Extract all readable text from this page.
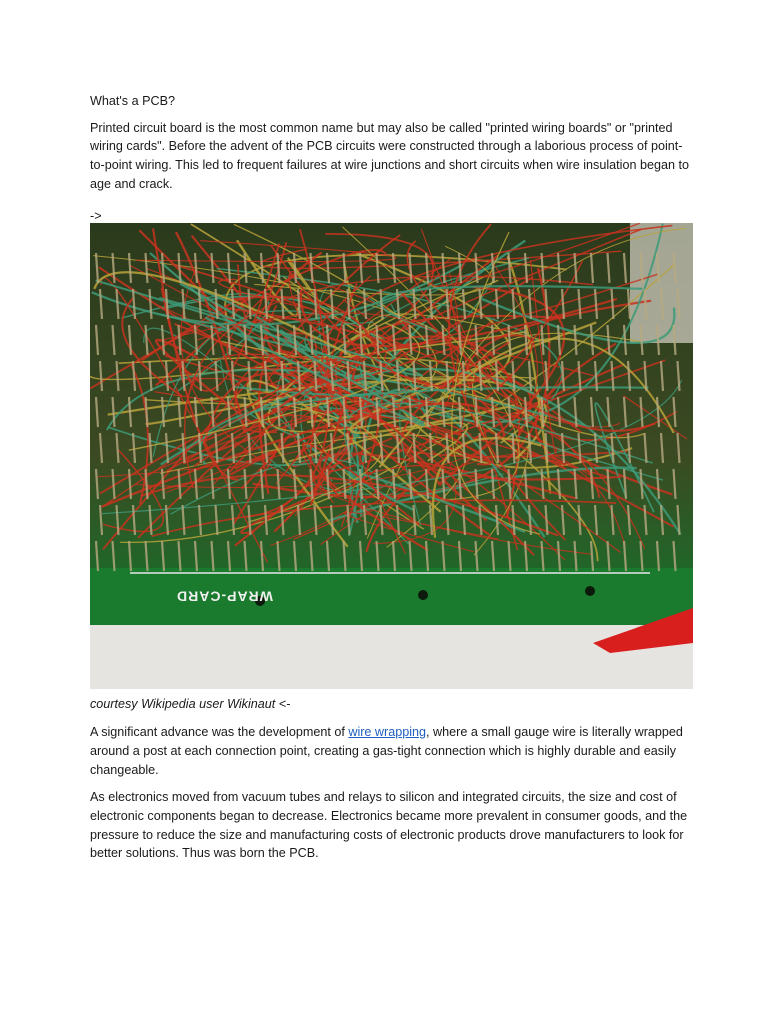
What's a PCB?

Printed circuit board is the most common name but may also be called "printed wiring boards" or "printed wiring cards". Before the advent of the PCB circuits were constructed through a laborious process of point-to-point wiring. This led to frequent failures at wire junctions and short circuits when wire insulation began to age and crack.

->

WRAP-CARD

courtesy Wikipedia user Wikinaut <-

A significant advance was the development of wire wrapping, where a small gauge wire is literally wrapped around a post at each connection point, creating a gas-tight connection which is highly durable and easily changeable.

As electronics moved from vacuum tubes and relays to silicon and integrated circuits, the size and cost of electronic components began to decrease. Electronics became more prevalent in consumer goods, and the pressure to reduce the size and manufacturing costs of electronic products drove manufacturers to look for better solutions. Thus was born the PCB.
